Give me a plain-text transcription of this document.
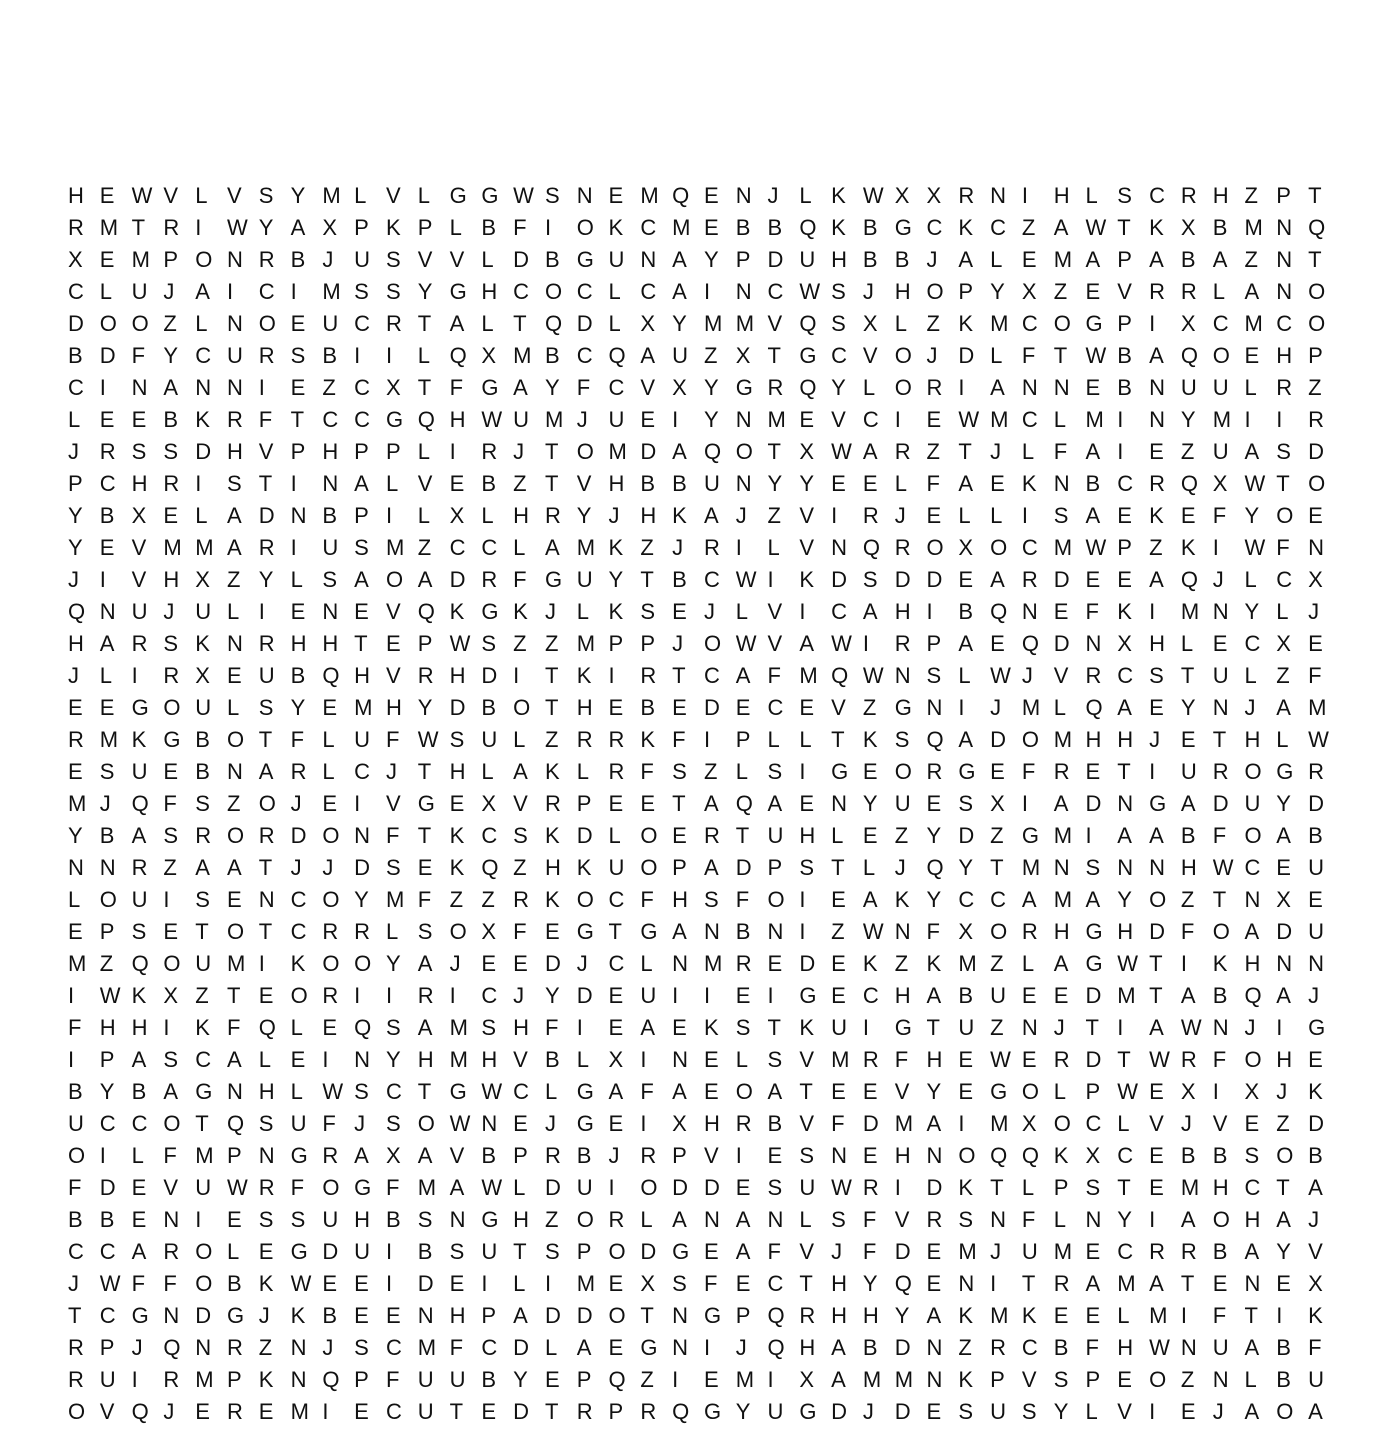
H E W V L V S Y M L V L G G W S N E M Q E N J L K W X X R N I	H L S C R H Z P T
R M T R I	W Y A X P K P L B F I	O K C M E B B Q K B G C K C Z A W T K X B M N Q
X E M P O N R B J U S V V L D B G U N A Y P D U H B B J A L E M A P A B A Z N T
C L U J A I	C I	M S S Y G H C O C L C A I	N C W S J H O P Y X Z E V R R L A N O
D O O Z L N O E U C R T A L T Q D L X Y M M V Q S X L Z K M C O G P I	X C M C O
B D F Y C U R S B I	I	L Q X M B C Q A U Z X T G C V O J D L F T W B A Q O E H P
C I	N A N N I	E Z C X T F G A Y F C V X Y G R Q Y L O R I	A N N E B N U U L R Z
L E E B K R F T C C G Q H W U M J U E I	Y N M E V C I	E W M C L M I	N Y M I	I	R
J R S S D H V P H P P L I	R J T O M D A Q O T X W A R Z T J L F A I	E Z U A S D
P C H R I	S T I	N A L V E B Z T V H B B U N Y Y E E L F A E K N B C R Q X W T O
Y B X E L A D N B P I	L X L H R Y J H K A J Z V I	R J E L L I	S A E K E F Y O E
Y E V M M A R I	U S M Z C C L A M K Z J R I	L V N Q R O X O C M W P Z K I	W F N
J I	V H X Z Y L S A O A D R F G U Y T B C W I	K D S D D E A R D E E A Q J L C X
Q N U J U L I	E N E V Q K G K J L K S E J L V I	C A H I	B Q N E F K I	M N Y L J
H A R S K N R H H T E P W S Z Z M P P J O W V A W I	R P A E Q D N X H L E C X E
J L I	R X E U B Q H V R H D I	T K I	R T C A F M Q W N S L W J V R C S T U L Z F
E E G O U L S Y E M H Y D B O T H E B E D E C E V Z G N I	J M L Q A E Y N J A M
R M K G B O T F L U F W S U L Z R R K F I	P L L T K S Q A D O M H H J E T H L W
E S U E B N A R L C J T H L A K L R F S Z L S I	G E O R G E F R E T I	U R O G R
M J Q F S Z O J E I	V G E X V R P E E T A Q A E N Y U E S X I	A D N G A D U Y D
Y B A S R O R D O N F T K C S K D L O E R T U H L E Z Y D Z G M I	A A B F O A B
N N R Z A A T J J D S E K Q Z H K U O P A D P S T L J Q Y T M N S N N H W C E U
L O U I	S E N C O Y M F Z Z R K O C F H S F O I	E A K Y C C A M A Y O Z T N X E
E P S E T O T C R R L S O X F E G T G A N B N I	Z W N F X O R H G H D F O A D U
M Z Q O U M I	K O O Y A J E E D J C L N M R E D E K Z K M Z L A G W T I	K H N N
I	W K X Z T E O R I	I	R I	C J Y D E U I	I	E I	G E C H A B U E E D M T A B Q A J
F H H I	K F Q L E Q S A M S H F I	E A E K S T K U I	G T U Z N J T I	A W N J I	G
I	P A S C A L E I	N Y H M H V B L X I	N E L S V M R F H E W E R D T W R F O H E
B Y B A G N H L W S C T G W C L G A F A E O A T E E V Y E G O L P W E X I	X J K
U C C O T Q S U F J S O W N E J G E I	X H R B V F D M A I	M X O C L V J V E Z D
O I	L F M P N G R A X A V B P R B J R P V I	E S N E H N O Q Q K X C E B B S O B
F D E V U W R F O G F M A W L D U I	O D D E S U W R I	D K T L P S T E M H C T A
B B E N I	E S S U H B S N G H Z O R L A N A N L S F V R S N F L N Y I	A O H A J
C C A R O L E G D U I	B S U T S P O D G E A F V J F D E M J U M E C R R B A Y V
J W F F O B K W E E I	D E I	L I	M E X S F E C T H Y Q E N I	T R A M A T E N E X
T C G N D G J K B E E N H P A D D O T N G P Q R H H Y A K M K E E L M I	F T I	K
R P J Q N R Z N J S C M F C D L A E G N I	J Q H A B D N Z R C B F H W N U A B F
R U I	R M P K N Q P F U U B Y E P Q Z I	E M I	X A M M N K P V S P E O Z N L B U
O V Q J E R E M I	E C U T E D T R P R Q G Y U G D J D E S U S Y L V I	E J A O A
